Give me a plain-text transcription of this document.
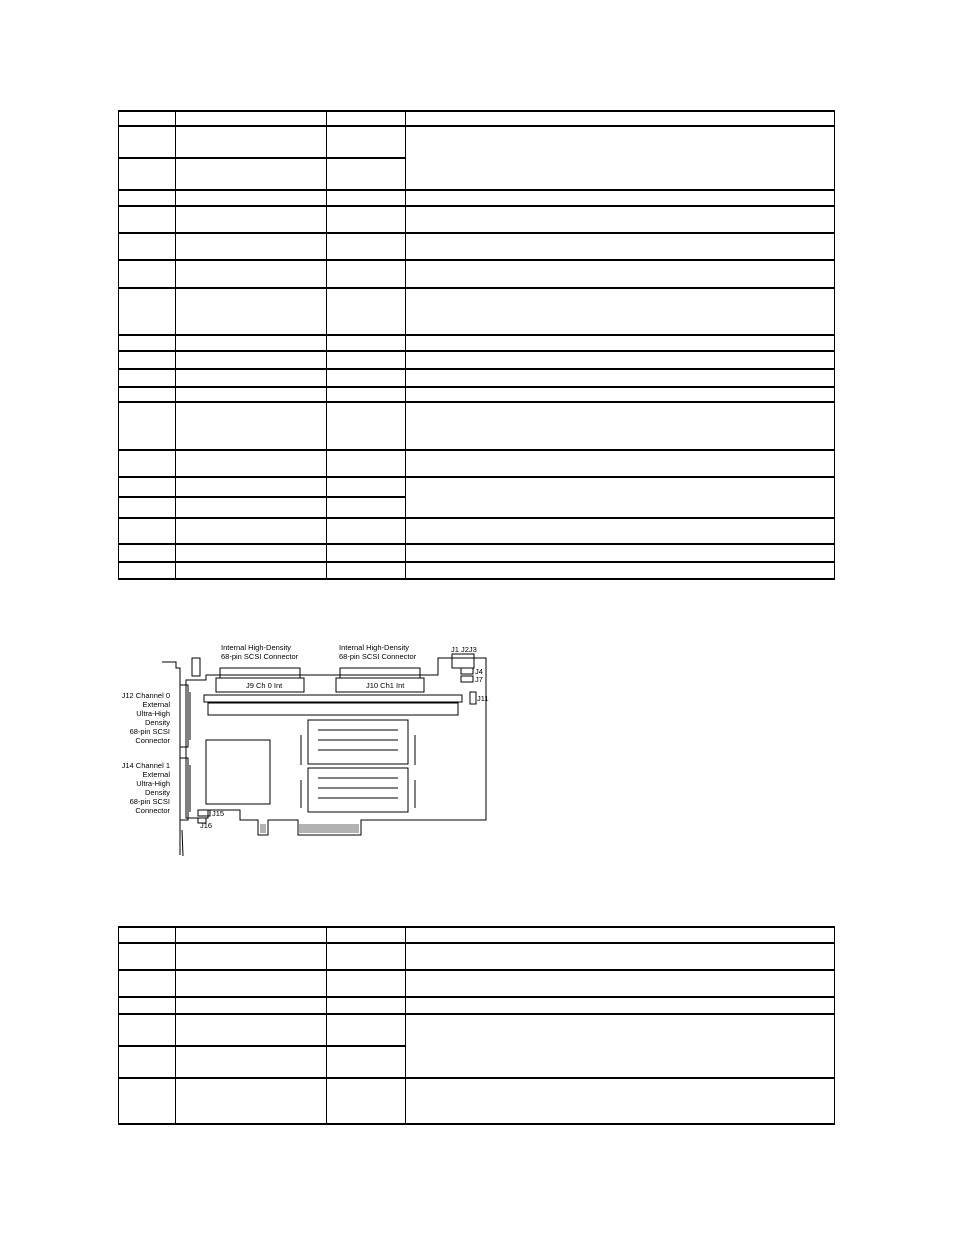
Internal High-Density
68-pin SCSI Connector
Internal High-Density
68-pin SCSI Connector
J9 Ch 0 Int	J10 Ch1 Int
J1 J2J3
J4
J7
J11
J15
J16
J12 Channel 0
External
Ultra-High
Density
68-pin SCSI
Connector
J14 Channel 1
External
Ultra-High
Density
68-pin SCSI
Connector
